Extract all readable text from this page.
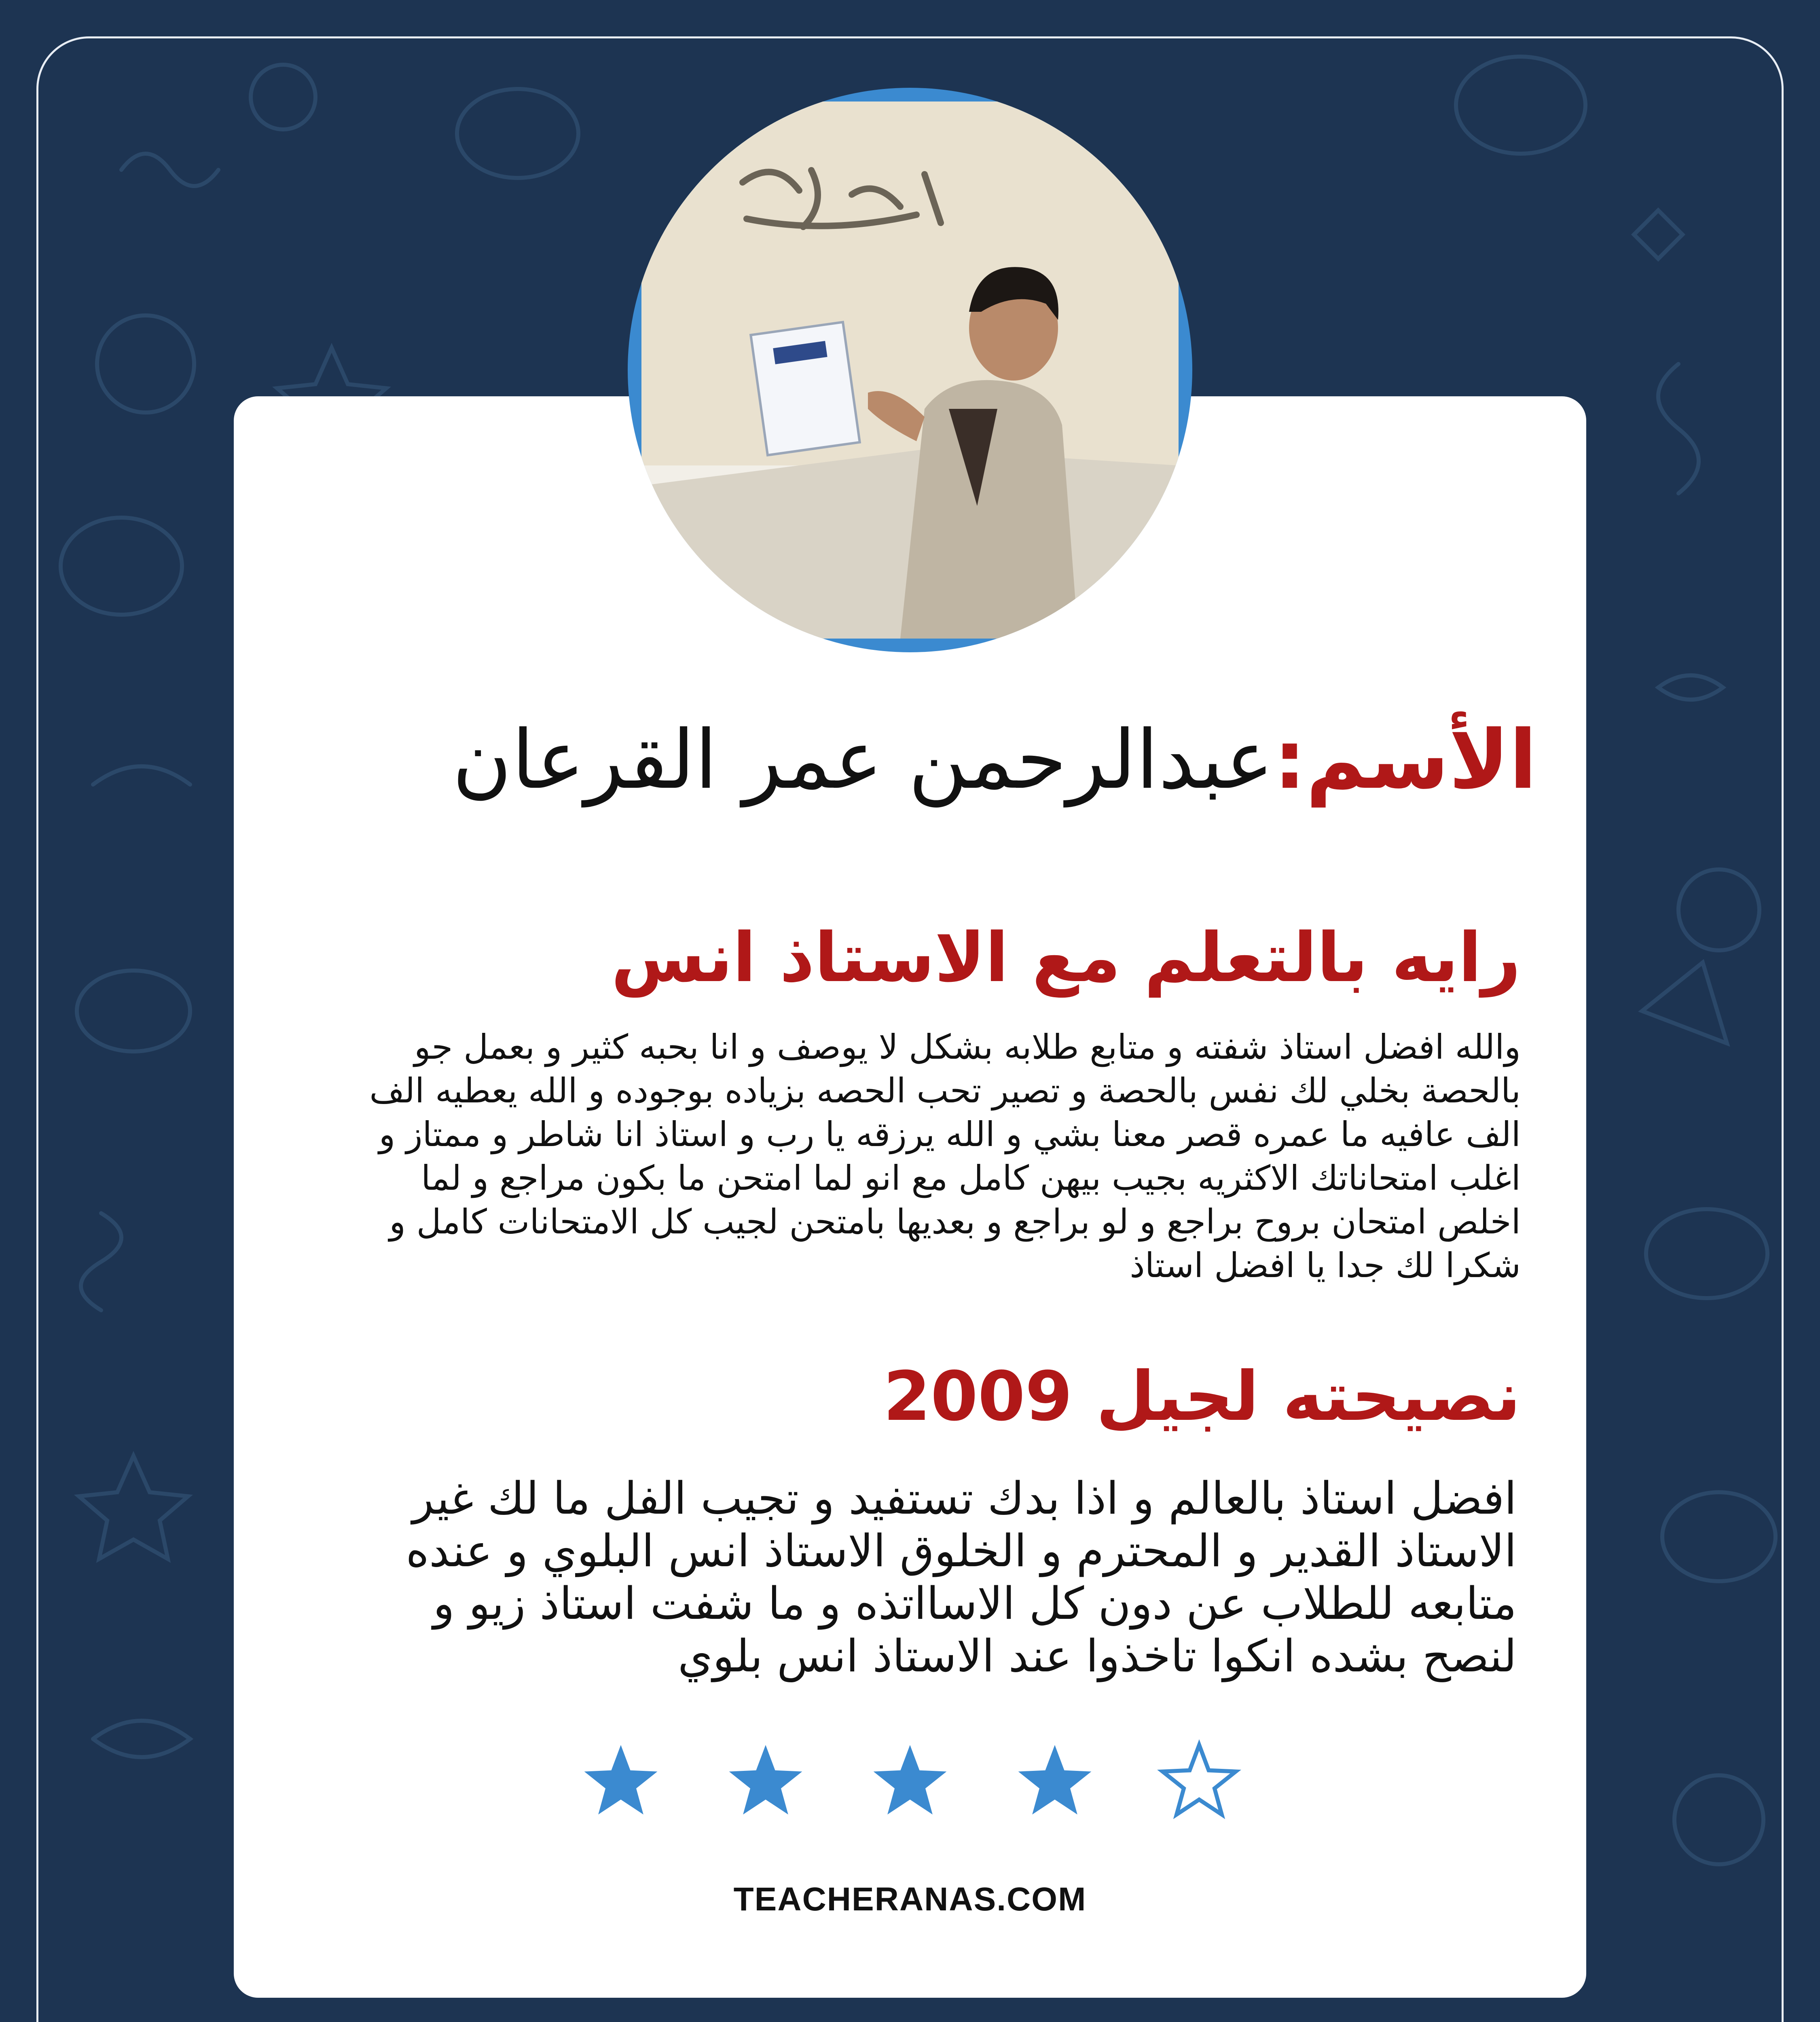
الأسم:عبدالرحمن عمر القرعان
رايه بالتعلم مع الاستاذ انس
والله افضل استاذ شفته و متابع طلابه بشكل لا يوصف و انا بحبه كثير و بعمل جو بالحصة بخلي لك نفس بالحصة و تصير تحب الحصه بزياده بوجوده و الله يعطيه الف الف عافيه ما عمره قصر معنا بشي و الله يرزقه يا رب و استاذ انا شاطر و ممتاز و اغلب امتحاناتك الاكثريه بجيب بيهن كامل مع انو لما امتحن ما بكون مراجع و لما اخلص امتحان بروح براجع و لو براجع و بعديها بامتحن لجيب كل الامتحانات كامل و شكرا لك جدا يا افضل استاذ
نصيحته لجيل 2009
افضل استاذ بالعالم و اذا بدك تستفيد و تجيب الفل ما لك غير الاستاذ القدير و المحترم و الخلوق الاستاذ انس البلوي و عنده متابعه للطلاب عن دون كل الاسااتذه و ما شفت استاذ زيو و لنصح بشده انكوا تاخذوا عند الاستاذ انس بلوي
TEACHERANAS.COM
